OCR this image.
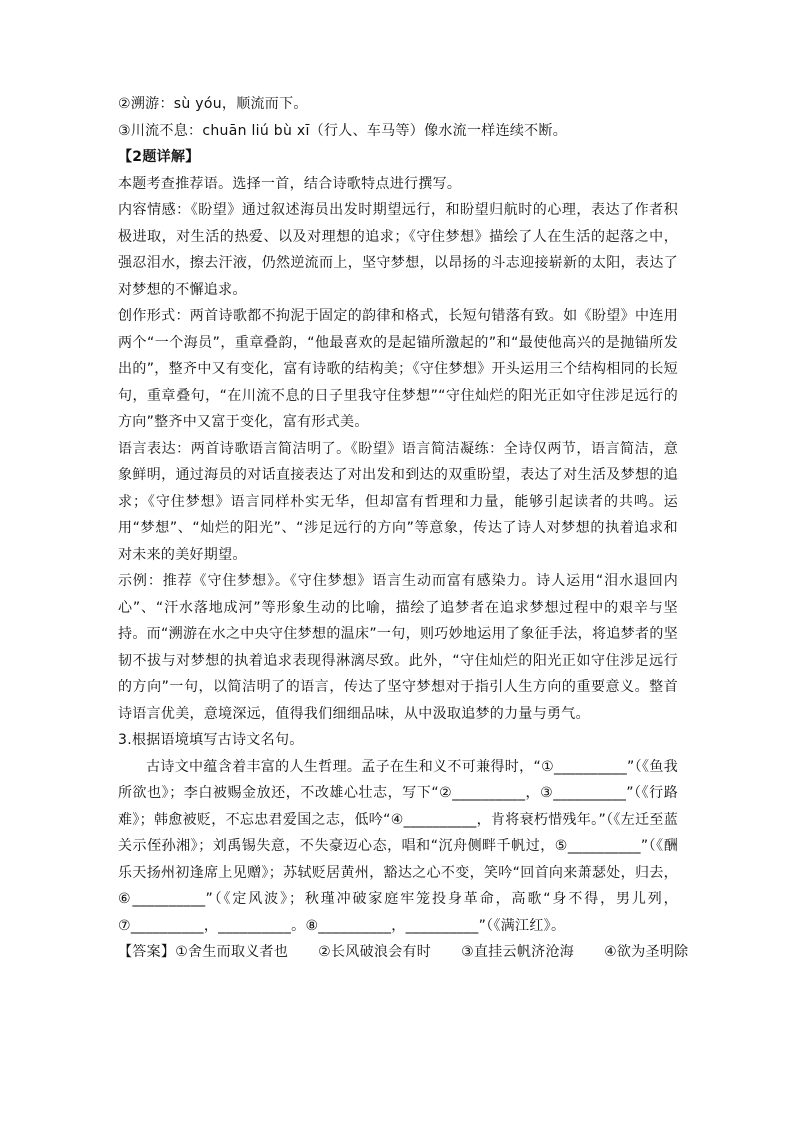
②溯游：sù yóu，顺流而下。
③川流不息：chuān liú bù xī（行人、车马等）像水流一样连续不断。
【2题详解】
本题考查推荐语。选择一首，结合诗歌特点进行撰写。
内容情感：《盼望》通过叙述海员出发时期望远行，和盼望归航时的心理，表达了作者积极进取，对生活的热爱、以及对理想的追求；《守住梦想》描绘了人在生活的起落之中，强忍泪水，擦去汗液，仍然逆流而上，坚守梦想，以昂扬的斗志迎接崭新的太阳，表达了对梦想的不懈追求。
创作形式：两首诗歌都不拘泥于固定的韵律和格式，长短句错落有致。如《盼望》中连用两个“一个海员”，重章叠韵，“他最喜欢的是起锚所激起的”和“最使他高兴的是抛锚所发出的”，整齐中又有变化，富有诗歌的结构美；《守住梦想》开头运用三个结构相同的长短句，重章叠句，“在川流不息的日子里我守住梦想”“守住灿烂的阳光正如守住涉足远行的方向”整齐中又富于变化，富有形式美。
语言表达：两首诗歌语言简洁明了。《盼望》语言简洁凝练：全诗仅两节，语言简洁，意象鲜明，通过海员的对话直接表达了对出发和到达的双重盼望，表达了对生活及梦想的追求；《守住梦想》语言同样朴实无华，但却富有哲理和力量，能够引起读者的共鸣。运用“梦想”、“灿烂的阳光”、“涉足远行的方向”等意象，传达了诗人对梦想的执着追求和对未来的美好期望。
示例：推荐《守住梦想》。《守住梦想》语言生动而富有感染力。诗人运用“泪水退回内心”、“汗水落地成河”等形象生动的比喻，描绘了追梦者在追求梦想过程中的艰辛与坚持。而“溯游在水之中央守住梦想的温床”一句，则巧妙地运用了象征手法，将追梦者的坚韧不拔与对梦想的执着追求表现得淋漓尽致。此外，“守住灿烂的阳光正如守住涉足远行的方向”一句，以简洁明了的语言，传达了坚守梦想对于指引人生方向的重要意义。整首诗语言优美，意境深远，值得我们细细品味，从中汲取追梦的力量与勇气。
3.根据语境填写古诗文名句。
古诗文中蕴含着丰富的人生哲理。孟子在生和义不可兼得时，“①__________”（《鱼我所欲也》；李白被赐金放还，不改雄心壮志，写下“②__________，③__________”（《行路难》；韩愈被贬，不忘忠君爱国之志，低吟“④__________，肯将衰朽惜残年。”（《左迁至蓝关示侄孙湘》；刘禹锡失意，不失豪迈心态，唱和“沉舟侧畔千帆过，⑤__________”（《酬乐天扬州初逢席上见赠》；苏轼贬居黄州，豁达之心不变，笑吟“回首向来萧瑟处，归去，⑥__________”（《定风波》；秋瑾冲破家庭牢笼投身革命，高歌“身不得，男儿列，⑦__________，__________。⑧__________，__________”（《满江红》。
【答案】①舍生而取义者也 ②长风破浪会有时 ③直挂云帆济沧海 ④欲为圣明除
